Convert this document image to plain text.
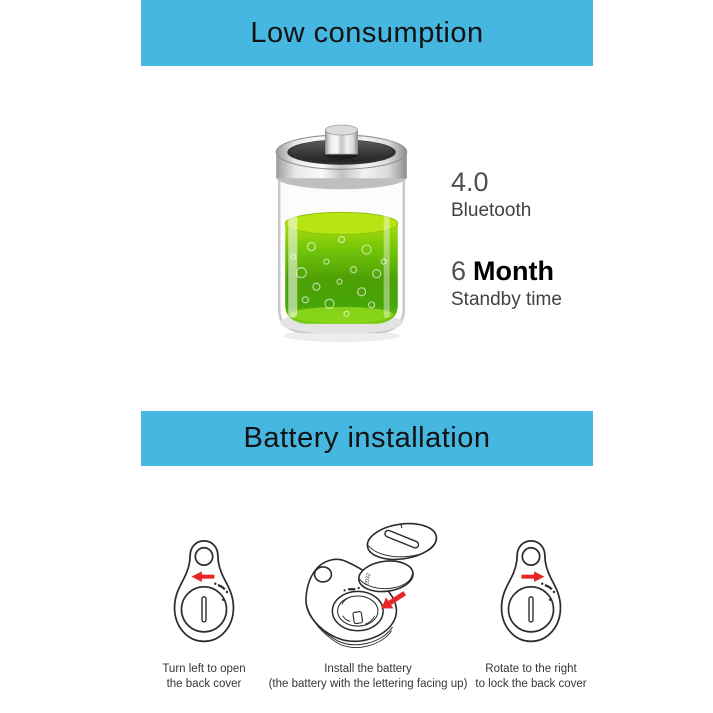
Low consumption
4.0
Bluetooth
6 Month
Standby time
Battery installation
2032
Turn left to open
the back cover
Install the battery
(the battery with the lettering facing up)
Rotate to the right
to lock the back cover
